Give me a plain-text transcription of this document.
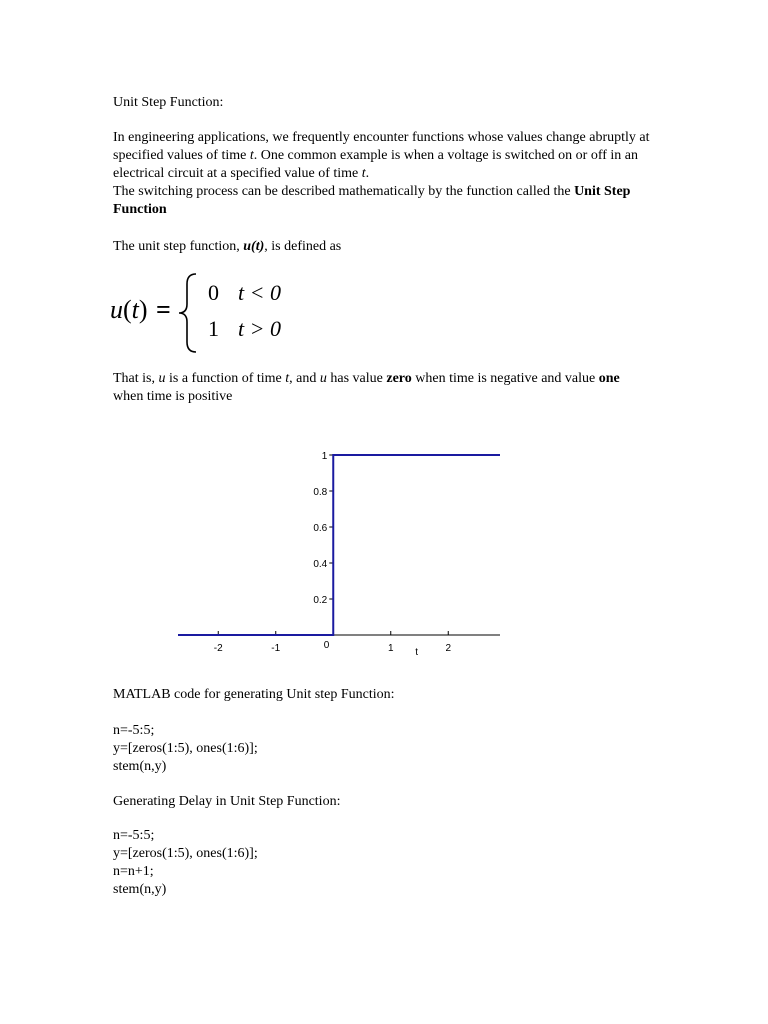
Unit Step Function:
In engineering applications, we frequently encounter functions whose values change abruptly at specified values of time t. One common example is when a voltage is switched on or off in an electrical circuit at a specified value of time t.
The switching process can be described mathematically by the function called the Unit Step Function
The unit step function, u(t), is defined as
u(t) =
0 t < 0
1 t > 0
That is, u is a function of time t, and u has value zero when time is negative and value one when time is positive
-2	-1	1	2
0.2
0.4
0.6
0.8
1
0
t
MATLAB code for generating Unit step Function:
n=-5:5;
y=[zeros(1:5), ones(1:6)];
stem(n,y)
Generating Delay in Unit Step Function:
n=-5:5;
y=[zeros(1:5), ones(1:6)];
n=n+1;
stem(n,y)
